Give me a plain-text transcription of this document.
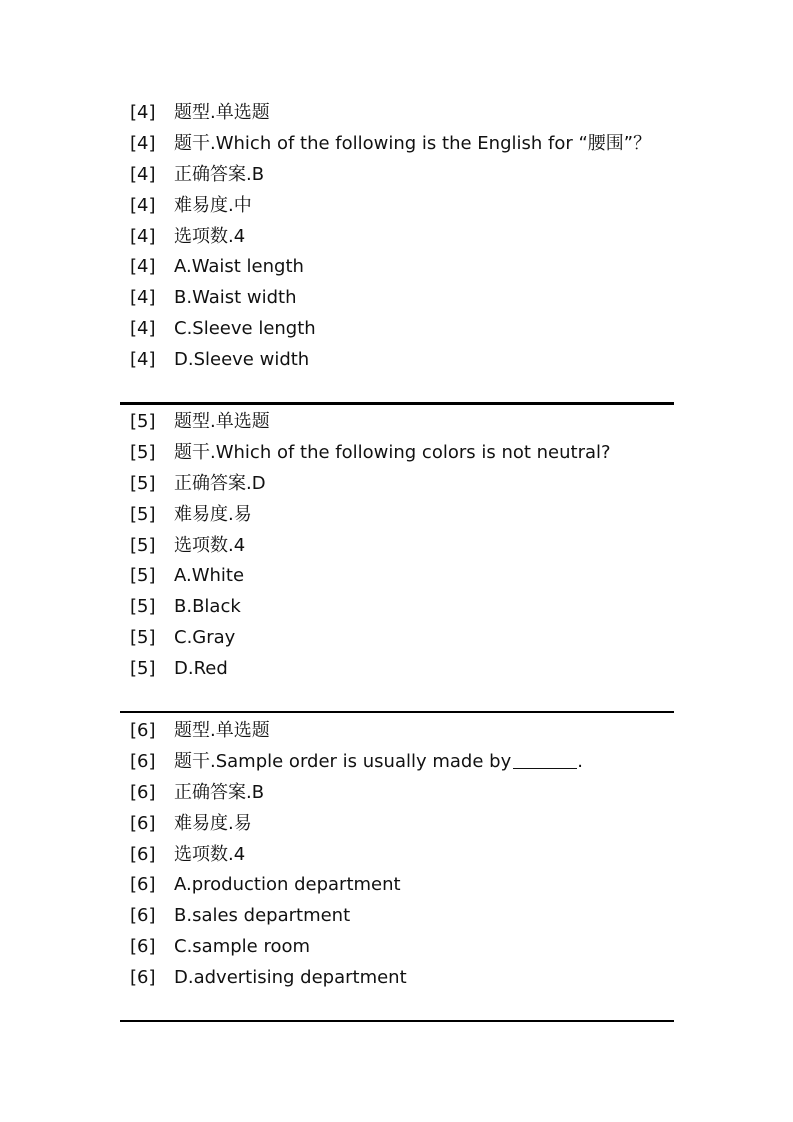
[4] 题型.单选题
[4] 题干.Which of the following is the English for “腰围”？
[4] 正确答案.B
[4] 难易度.中
[4] 选项数.4
[4] A.Waist length
[4] B.Waist width
[4] C.Sleeve length
[4] D.Sleeve width
[5] 题型.单选题
[5] 题干.Which of the following colors is not neutral?
[5] 正确答案.D
[5] 难易度.易
[5] 选项数.4
[5] A.White
[5] B.Black
[5] C.Gray
[5] D.Red
[6] 题型.单选题
[6] 题干.Sample order is usually made by	.
[6] 正确答案.B
[6] 难易度.易
[6] 选项数.4
[6] A.production department
[6] B.sales department
[6] C.sample room
[6] D.advertising department
